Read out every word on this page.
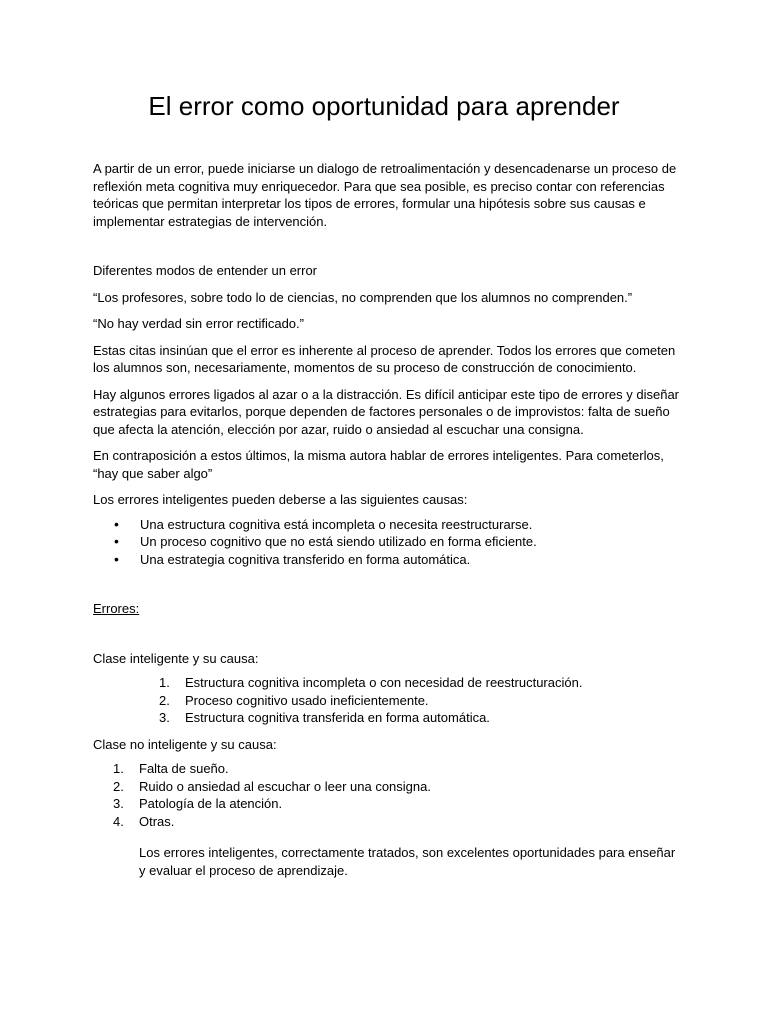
El error como oportunidad para aprender

A partir de un error, puede iniciarse un dialogo de retroalimentación y desencadenarse un proceso de reflexión meta cognitiva muy enriquecedor. Para que sea posible, es preciso contar con referencias teóricas que permitan interpretar los tipos de errores, formular una hipótesis sobre sus causas e implementar estrategias de intervención.

Diferentes modos de entender un error

“Los profesores, sobre todo lo de ciencias, no comprenden que los alumnos no comprenden.”

“No hay verdad sin error rectificado.”

Estas citas insinúan que el error es inherente al proceso de aprender. Todos los errores que cometen los alumnos son, necesariamente, momentos de su proceso de construcción de conocimiento.

Hay algunos errores ligados al azar o a la distracción. Es difícil anticipar este tipo de errores y diseñar estrategias para evitarlos, porque dependen de factores personales o de improvistos: falta de sueño que afecta la atención, elección por azar, ruido o ansiedad al escuchar una consigna.

En contraposición a estos últimos, la misma autora hablar de errores inteligentes. Para cometerlos, “hay que saber algo”

Los errores inteligentes pueden deberse a las siguientes causas:

• Una estructura cognitiva está incompleta o necesita reestructurarse.
• Un proceso cognitivo que no está siendo utilizado en forma eficiente.
• Una estrategia cognitiva transferido en forma automática.

Errores:

Clase inteligente y su causa:

1. Estructura cognitiva incompleta o con necesidad de reestructuración.
2. Proceso cognitivo usado ineficientemente.
3. Estructura cognitiva transferida en forma automática.

Clase no inteligente y su causa:

1. Falta de sueño.
2. Ruido o ansiedad al escuchar o leer una consigna.
3. Patología de la atención.
4. Otras.

Los errores inteligentes, correctamente tratados, son excelentes oportunidades para enseñar y evaluar el proceso de aprendizaje.
